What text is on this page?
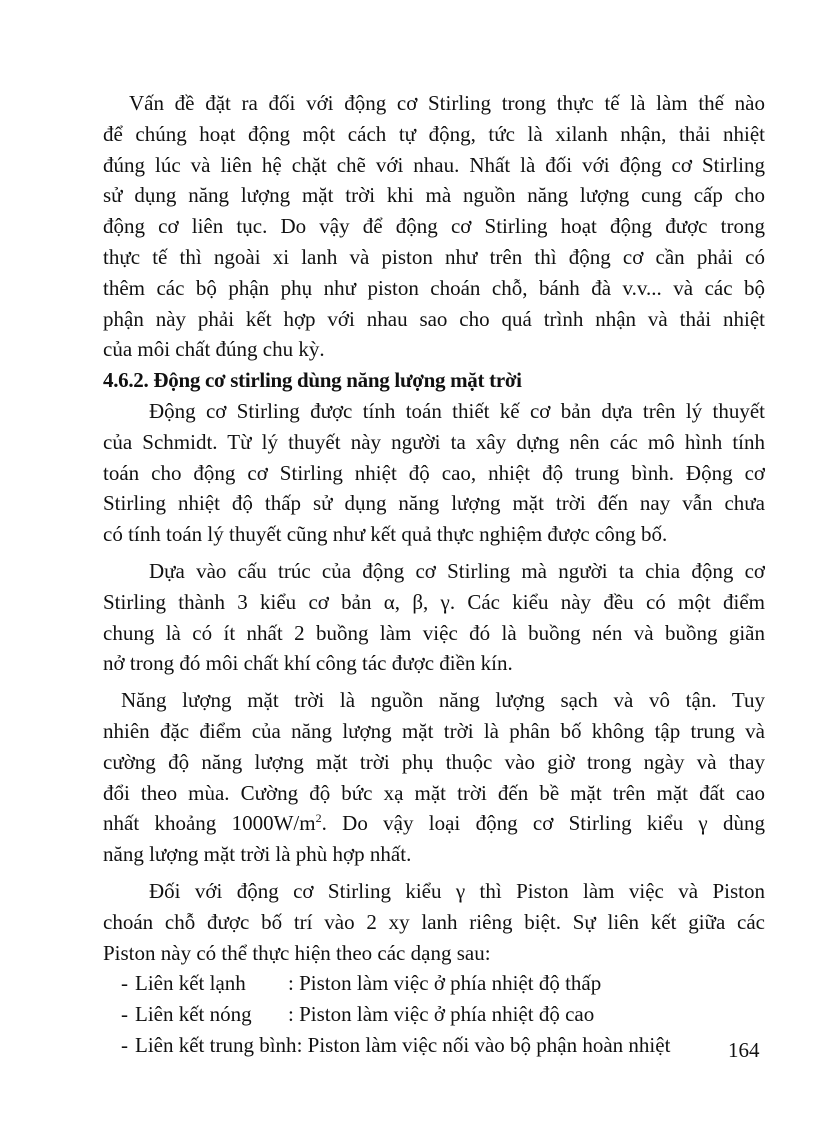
Vấn đề đặt ra đối với động cơ Stirling trong thực tế là làm thế nào
để chúng hoạt động một cách tự động, tức là xilanh nhận, thải nhiệt
đúng lúc và liên hệ chặt chẽ với nhau. Nhất là đối với động cơ Stirling
sử dụng năng lượng mặt trời khi mà nguồn năng lượng cung cấp cho
động cơ liên tục. Do vậy để động cơ Stirling hoạt động được trong
thực tế thì ngoài xi lanh và piston như trên thì động cơ cần phải có
thêm các bộ phận phụ như piston choán chỗ, bánh đà v.v... và các bộ
phận này phải kết hợp với nhau sao cho quá trình nhận và thải nhiệt
của môi chất đúng chu kỳ.

4.6.2. Động cơ stirling dùng năng lượng mặt trời

Động cơ Stirling được tính toán thiết kế cơ bản dựa trên lý thuyết
của Schmidt. Từ lý thuyết này người ta xây dựng nên các mô hình tính
toán cho động cơ Stirling nhiệt độ cao, nhiệt độ trung bình. Động cơ
Stirling nhiệt độ thấp sử dụng năng lượng mặt trời đến nay vẫn chưa
có tính toán lý thuyết cũng như kết quả thực nghiệm được công bố.

Dựa vào cấu trúc của động cơ Stirling mà người ta chia động cơ
Stirling thành 3 kiểu cơ bản α, β, γ. Các kiểu này đều có một điểm
chung là có ít nhất 2 buồng làm việc đó là buồng nén và buồng giãn
nở trong đó môi chất khí công tác được điền kín.

Năng lượng mặt trời là nguồn năng lượng sạch và vô tận. Tuy
nhiên đặc điểm của năng lượng mặt trời là phân bố không tập trung và
cường độ năng lượng mặt trời phụ thuộc vào giờ trong ngày và thay
đổi theo mùa. Cường độ bức xạ mặt trời đến bề mặt trên mặt đất cao
nhất khoảng $1000W/m^2$. Do vậy loại động cơ Stirling kiểu γ dùng
năng lượng mặt trời là phù hợp nhất.

Đối với động cơ Stirling kiểu γ thì Piston làm việc và Piston
choán chỗ được bố trí vào 2 xy lanh riêng biệt. Sự liên kết giữa các
Piston này có thể thực hiện theo các dạng sau:

- Liên kết lạnh	: Piston làm việc ở phía nhiệt độ thấp
- Liên kết nóng	: Piston làm việc ở phía nhiệt độ cao
- Liên kết trung bình : Piston làm việc nối vào bộ phận hoàn nhiệt	164
